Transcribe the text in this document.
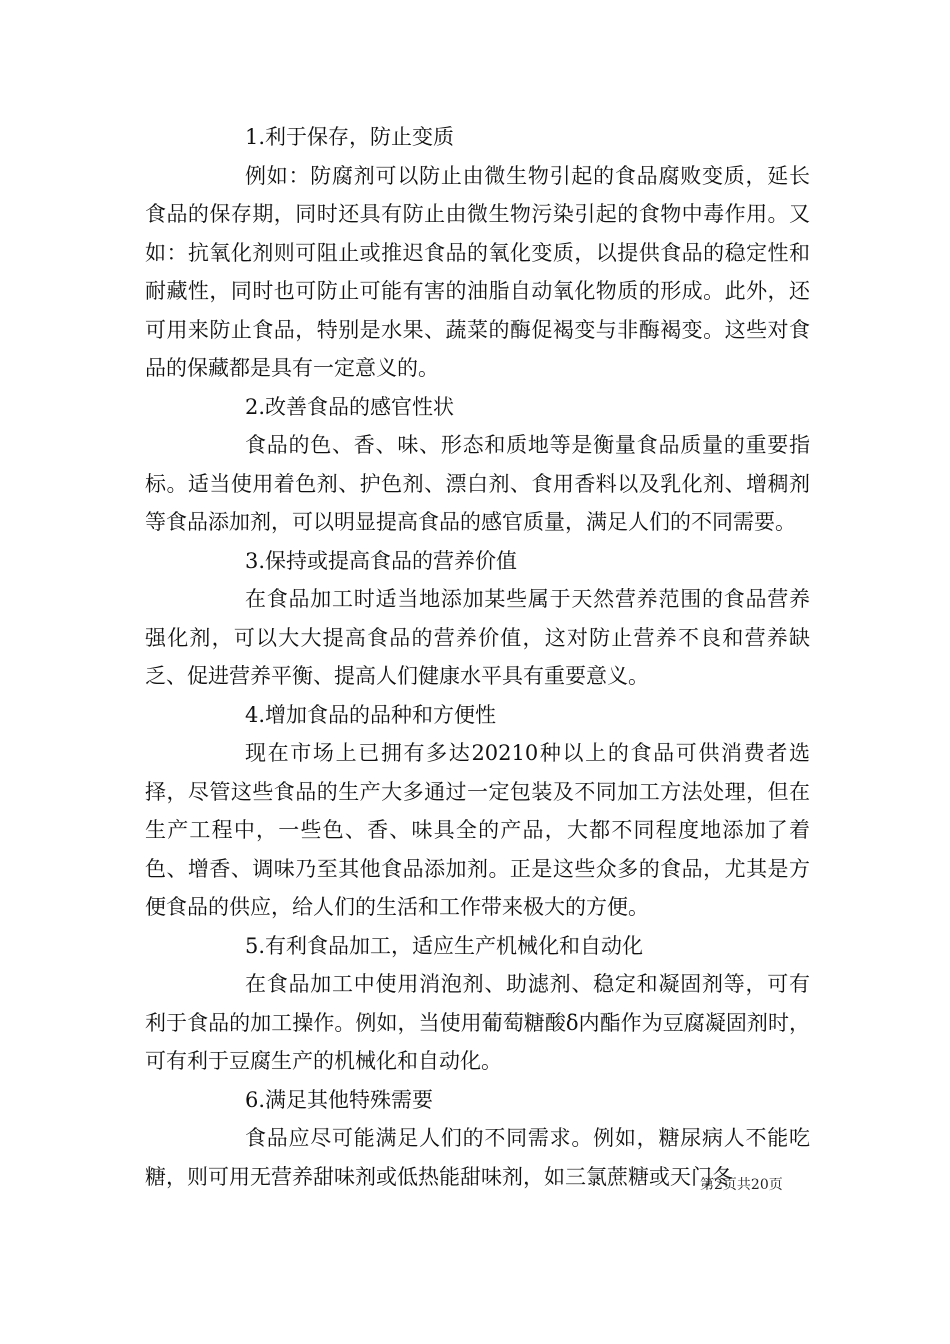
1.利于保存，防止变质

例如：防腐剂可以防止由微生物引起的食品腐败变质，延长食品的保存期，同时还具有防止由微生物污染引起的食物中毒作用。又如：抗氧化剂则可阻止或推迟食品的氧化变质，以提供食品的稳定性和耐藏性，同时也可防止可能有害的油脂自动氧化物质的形成。此外，还可用来防止食品，特别是水果、蔬菜的酶促褐变与非酶褐变。这些对食品的保藏都是具有一定意义的。

2.改善食品的感官性状

食品的色、香、味、形态和质地等是衡量食品质量的重要指标。适当使用着色剂、护色剂、漂白剂、食用香料以及乳化剂、增稠剂等食品添加剂，可以明显提高食品的感官质量，满足人们的不同需要。

3.保持或提高食品的营养价值

在食品加工时适当地添加某些属于天然营养范围的食品营养强化剂，可以大大提高食品的营养价值，这对防止营养不良和营养缺乏、促进营养平衡、提高人们健康水平具有重要意义。

4.增加食品的品种和方便性

现在市场上已拥有多达20210种以上的食品可供消费者选择，尽管这些食品的生产大多通过一定包装及不同加工方法处理，但在生产工程中，一些色、香、味具全的产品，大都不同程度地添加了着色、增香、调味乃至其他食品添加剂。正是这些众多的食品，尤其是方便食品的供应，给人们的生活和工作带来极大的方便。

5.有利食品加工，适应生产机械化和自动化

在食品加工中使用消泡剂、助滤剂、稳定和凝固剂等，可有利于食品的加工操作。例如，当使用葡萄糖酸δ内酯作为豆腐凝固剂时，可有利于豆腐生产的机械化和自动化。

6.满足其他特殊需要

食品应尽可能满足人们的不同需求。例如，糖尿病人不能吃糖，则可用无营养甜味剂或低热能甜味剂，如三氯蔗糖或天门冬

第2页共20页
